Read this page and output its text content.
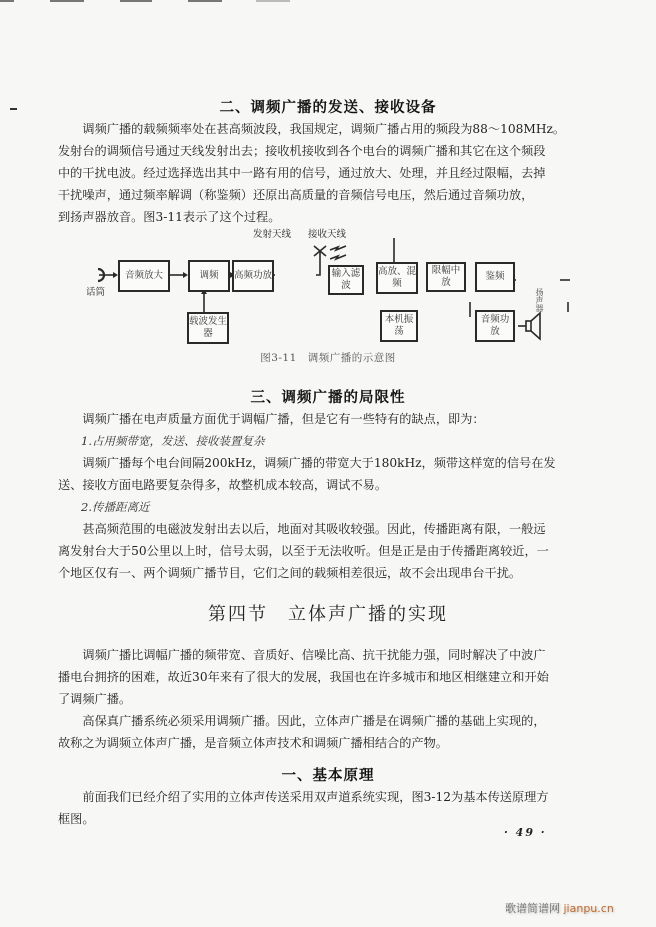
二、调频广播的发送、接收设备

调频广播的载频频率处在甚高频波段，我国规定，调频广播占用的频段为88～108MHz。

发射台的调频信号通过天线发射出去；接收机接收到各个电台的调频广播和其它在这个频段

中的干扰电波。经过选择选出其中一路有用的信号，通过放大、处理，并且经过限幅，去掉

干扰噪声，通过频率解调（称鉴频）还原出高质量的音频信号电压，然后通过音频功放，

到扬声器放音。图3-11表示了这个过程。

话筒
音频放大	调频
载波发生器
高频功放
发射天线 接收天线
输入滤波
高放、混频
本机振荡
限幅中放
鉴频
音频功放
扬声器
图3-11　调频广播的示意图
三、调频广播的局限性

调频广播在电声质量方面优于调幅广播，但是它有一些特有的缺点，即为：

1.占用频带宽，发送、接收装置复杂

调频广播每个电台间隔200kHz，调频广播的带宽大于180kHz，频带这样宽的信号在发

送、接收方面电路要复杂得多，故整机成本较高，调试不易。

2.传播距离近

甚高频范围的电磁波发射出去以后，地面对其吸收较强。因此，传播距离有限，一般远

离发射台大于50公里以上时，信号太弱，以至于无法收听。但是正是由于传播距离较近，一

个地区仅有一、两个调频广播节目，它们之间的载频相差很远，故不会出现串台干扰。

第四节　立体声广播的实现

调频广播比调幅广播的频带宽、音质好、信噪比高、抗干扰能力强，同时解决了中波广

播电台拥挤的困难，故近30年来有了很大的发展，我国也在许多城市和地区相继建立和开始

了调频广播。

高保真广播系统必须采用调频广播。因此，立体声广播是在调频广播的基础上实现的，

故称之为调频立体声广播，是音频立体声技术和调频广播相结合的产物。

一、基本原理

前面我们已经介绍了实用的立体声传送采用双声道系统实现，图3-12为基本传送原理方

框图。

· 49 ·
歌谱简谱网 jianpu.cn
